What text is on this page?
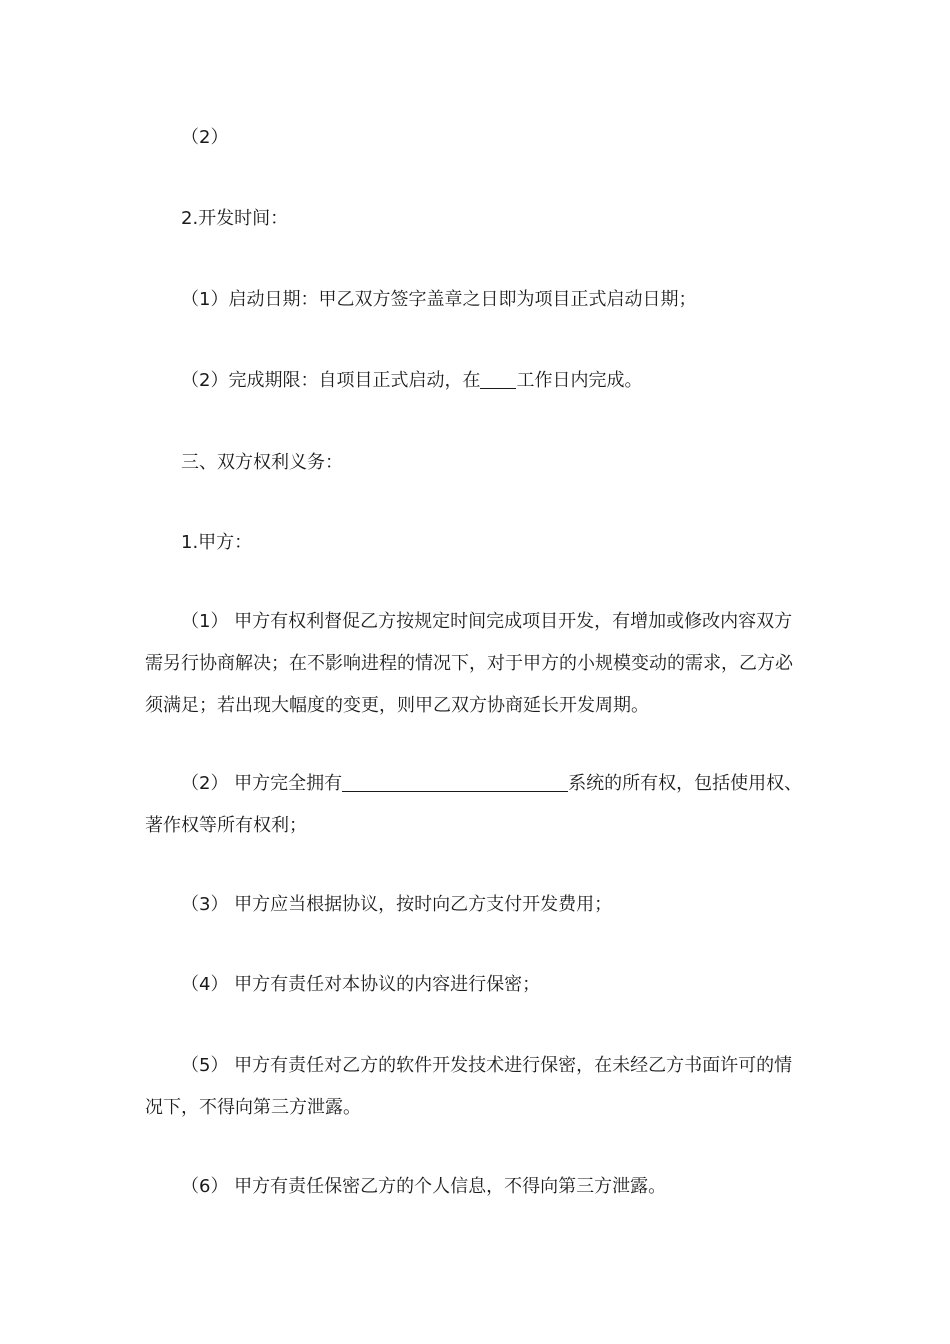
（2）

2.开发时间：

（1）启动日期：甲乙双方签字盖章之日即为项目正式启动日期；

（2）完成期限：自项目正式启动，在 工作日内完成。

三、双方权利义务：

1.甲方：

（1） 甲方有权利督促乙方按规定时间完成项目开发，有增加或修改内容双方需另行协商解决；在不影响进程的情况下，对于甲方的小规模变动的需求，乙方必须满足；若出现大幅度的变更，则甲乙双方协商延长开发周期。

（2） 甲方完全拥有	系统的所有权，包括使用权、著作权等所有权利；

（3） 甲方应当根据协议，按时向乙方支付开发费用；

（4） 甲方有责任对本协议的内容进行保密；

（5） 甲方有责任对乙方的软件开发技术进行保密，在未经乙方书面许可的情况下，不得向第三方泄露。

（6） 甲方有责任保密乙方的个人信息，不得向第三方泄露。
